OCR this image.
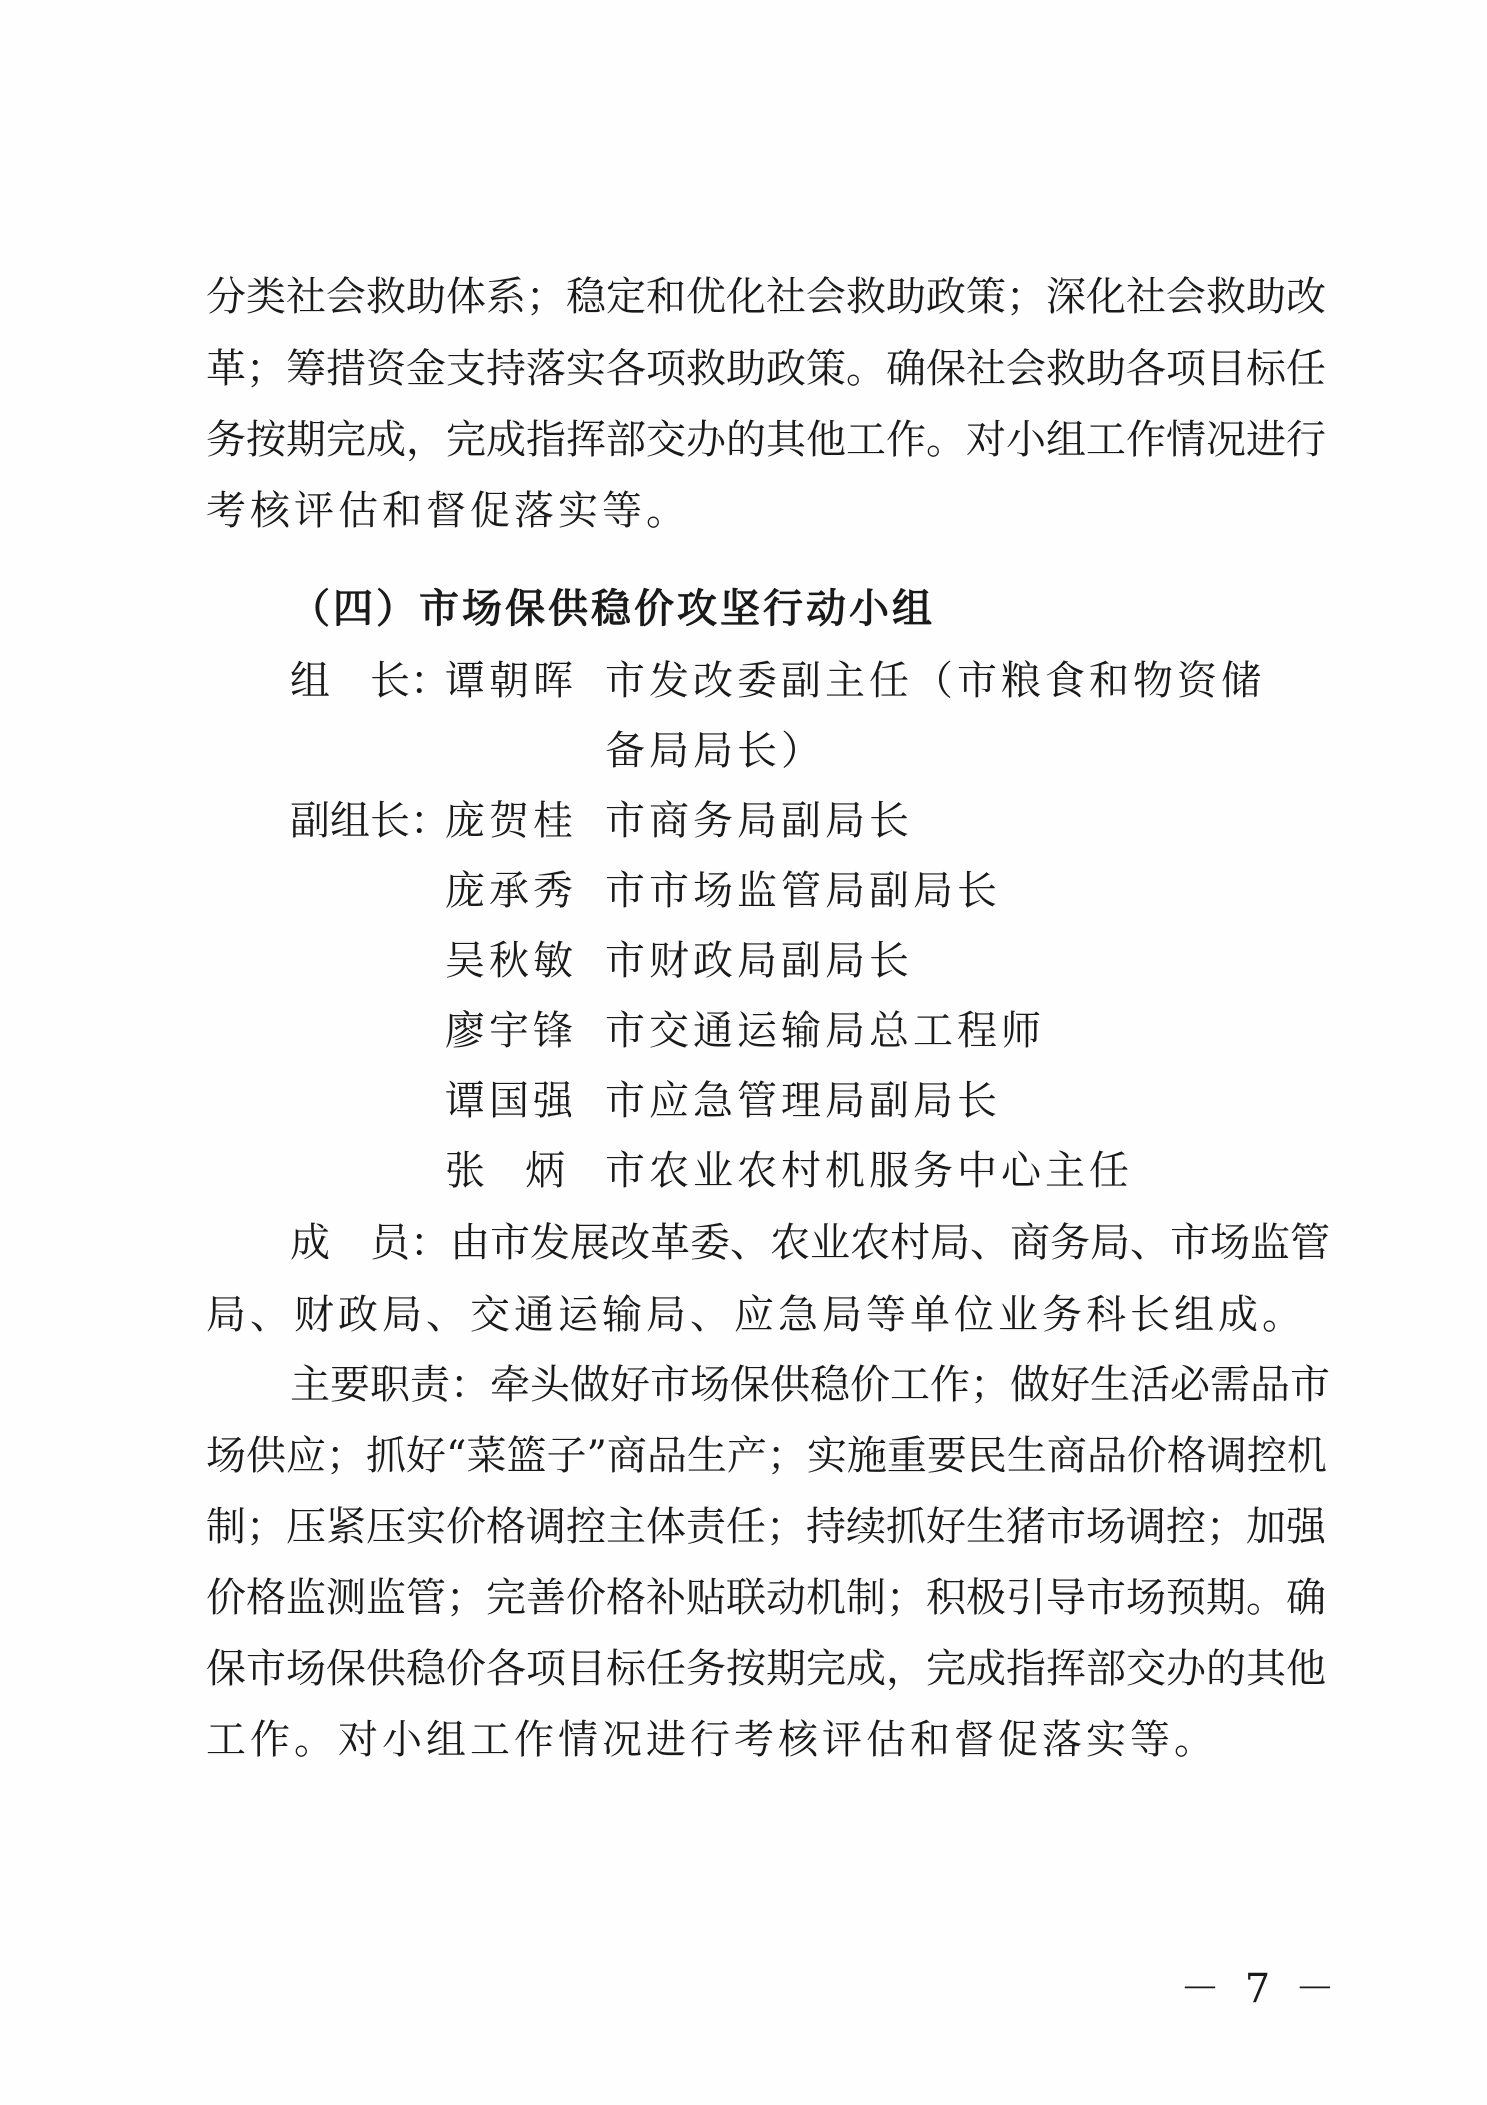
分类社会救助体系；稳定和优化社会救助政策；深化社会救助改
革；筹措资金支持落实各项救助政策。确保社会救助各项目标任
务按期完成，完成指挥部交办的其他工作。对小组工作情况进行
考核评估和督促落实等。
（四）市场保供稳价攻坚行动小组
组　长：
谭朝晖 市发改委副主任（市粮食和物资储
备局局长）
副组长：
庞贺桂 市商务局副局长
庞承秀 市市场监管局副局长
吴秋敏 市财政局副局长
廖宇锋 市交通运输局总工程师
谭国强 市应急管理局副局长
张　炳 市农业农村机服务中心主任
成　员：由市发展改革委、农业农村局、商务局、市场监管
局、财政局、交通运输局、应急局等单位业务科长组成。
主要职责：牵头做好市场保供稳价工作；做好生活必需品市
场供应；抓好“菜篮子”商品生产；实施重要民生商品价格调控机
制；压紧压实价格调控主体责任；持续抓好生猪市场调控；加强
价格监测监管；完善价格补贴联动机制；积极引导市场预期。确
保市场保供稳价各项目标任务按期完成，完成指挥部交办的其他
工作。对小组工作情况进行考核评估和督促落实等。
－ 7 －
